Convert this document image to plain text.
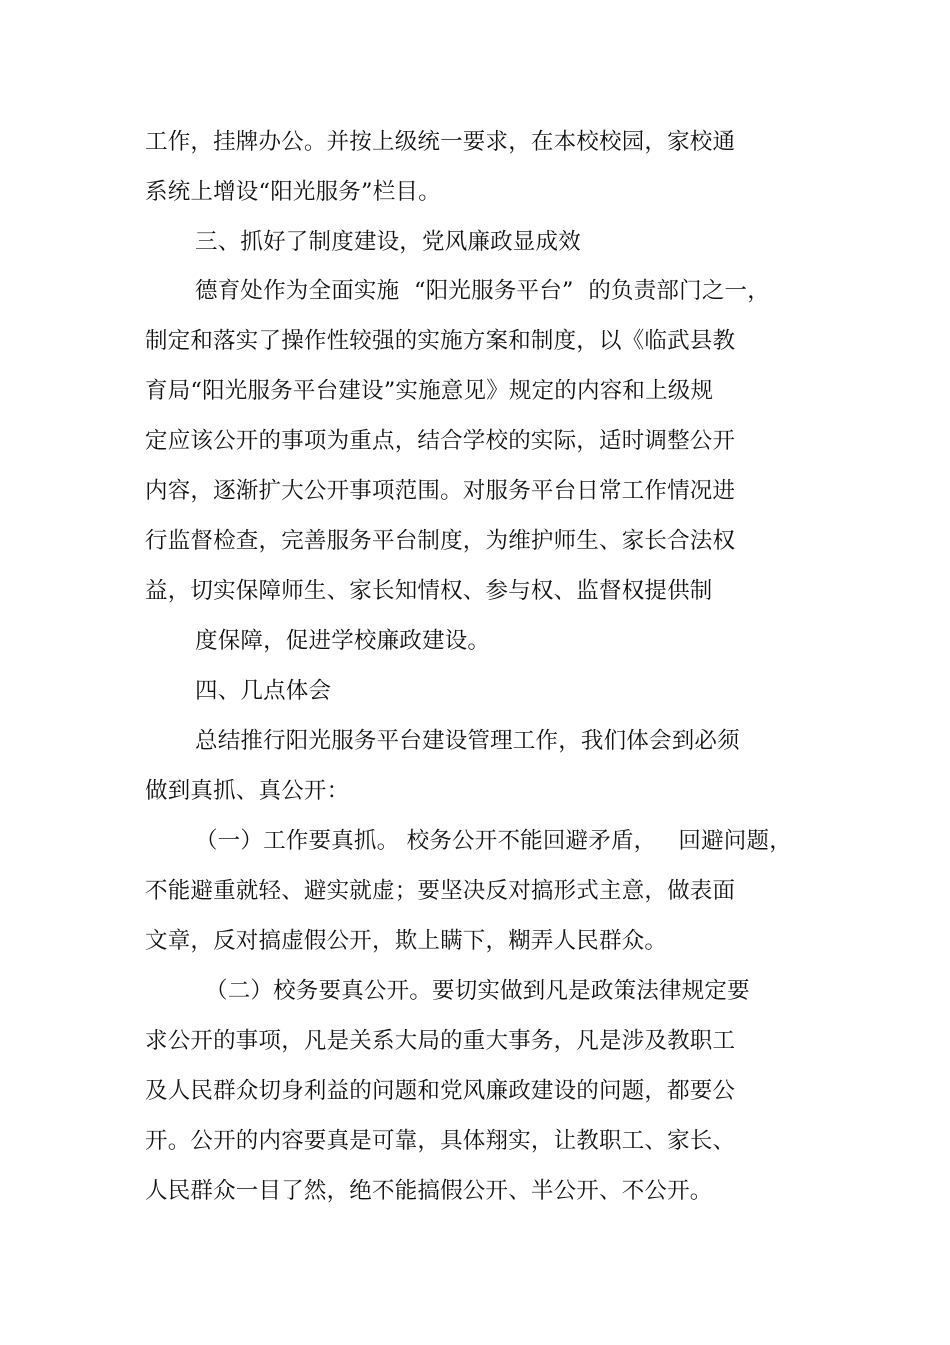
工作，挂牌办公。并按上级统一要求，在本校校园，家校通
系统上增设“阳光服务”栏目。
三、抓好了制度建设，党风廉政显成效
德育处作为全面实施  “阳光服务平台”  的负责部门之一，
制定和落实了操作性较强的实施方案和制度，以《临武县教
育局“阳光服务平台建设”实施意见》规定的内容和上级规
定应该公开的事项为重点，结合学校的实际，适时调整公开
内容，逐渐扩大公开事项范围。对服务平台日常工作情况进
行监督检查，完善服务平台制度，为维护师生、家长合法权
益，切实保障师生、家长知情权、参与权、监督权提供制
度保障，促进学校廉政建设。
四、几点体会
总结推行阳光服务平台建设管理工作，我们体会到必须
做到真抓、真公开：
（一）工作要真抓。 校务公开不能回避矛盾，   回避问题，
不能避重就轻、避实就虚；要坚决反对搞形式主意，做表面
文章，反对搞虚假公开，欺上瞒下，糊弄人民群众。
（二）校务要真公开。要切实做到凡是政策法律规定要
求公开的事项，凡是关系大局的重大事务，凡是涉及教职工
及人民群众切身利益的问题和党风廉政建设的问题，都要公
开。公开的内容要真是可靠，具体翔实，让教职工、家长、
人民群众一目了然，绝不能搞假公开、半公开、不公开。
